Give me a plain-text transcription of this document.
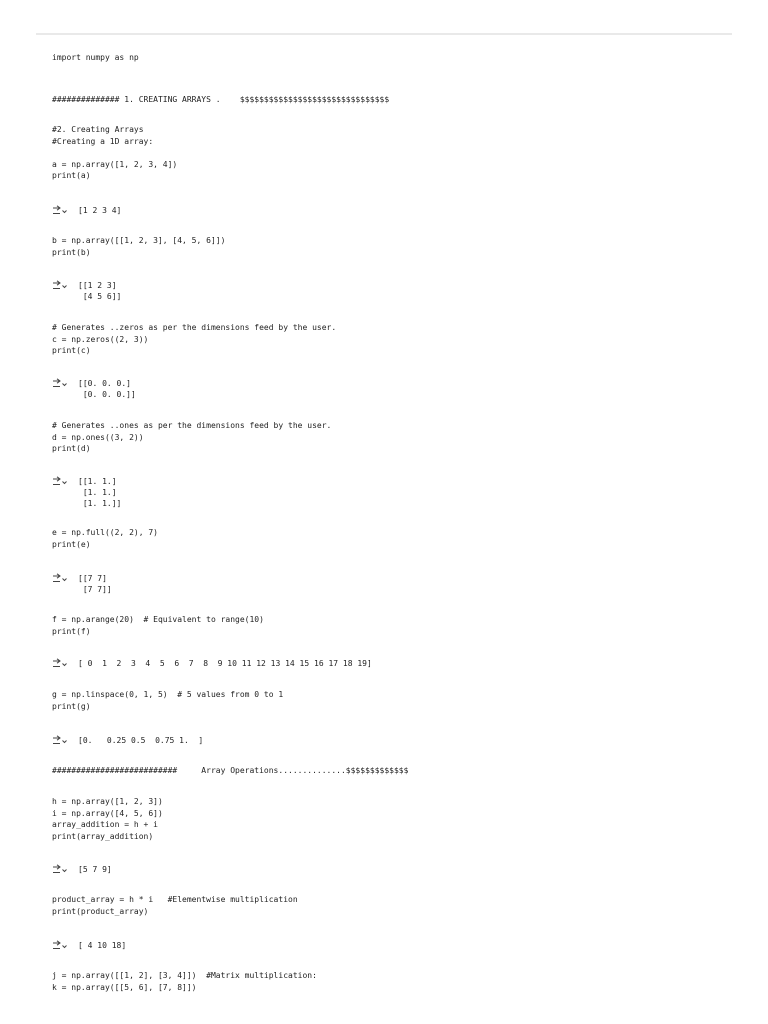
import numpy as np
############## 1. CREATING ARRAYS .    $$$$$$$$$$$$$$$$$$$$$$$$$$$$$$$
#2. Creating Arrays
#Creating a 1D array:

a = np.array([1, 2, 3, 4])
print(a)
[1 2 3 4]
b = np.array([[1, 2, 3], [4, 5, 6]])
print(b)
[[1 2 3]
[4 5 6]]
# Generates ..zeros as per the dimensions feed by the user.
c = np.zeros((2, 3))
print(c)
[[0. 0. 0.]
[0. 0. 0.]]
# Generates ..ones as per the dimensions feed by the user.
d = np.ones((3, 2))
print(d)
[[1. 1.]
[1. 1.]
[1. 1.]]
e = np.full((2, 2), 7)
print(e)
[[7 7]
[7 7]]
f = np.arange(20)  # Equivalent to range(10)
print(f)
[ 0  1  2  3  4  5  6  7  8  9 10 11 12 13 14 15 16 17 18 19]
g = np.linspace(0, 1, 5)  # 5 values from 0 to 1
print(g)
[0.   0.25 0.5  0.75 1.  ]
##########################     Array Operations..............$$$$$$$$$$$$$
h = np.array([1, 2, 3])
i = np.array([4, 5, 6])
array_addition = h + i
print(array_addition)
[5 7 9]
product_array = h * i   #Elementwise multiplication
print(product_array)
[ 4 10 18]
j = np.array([[1, 2], [3, 4]])  #Matrix multiplication:
k = np.array([[5, 6], [7, 8]])
